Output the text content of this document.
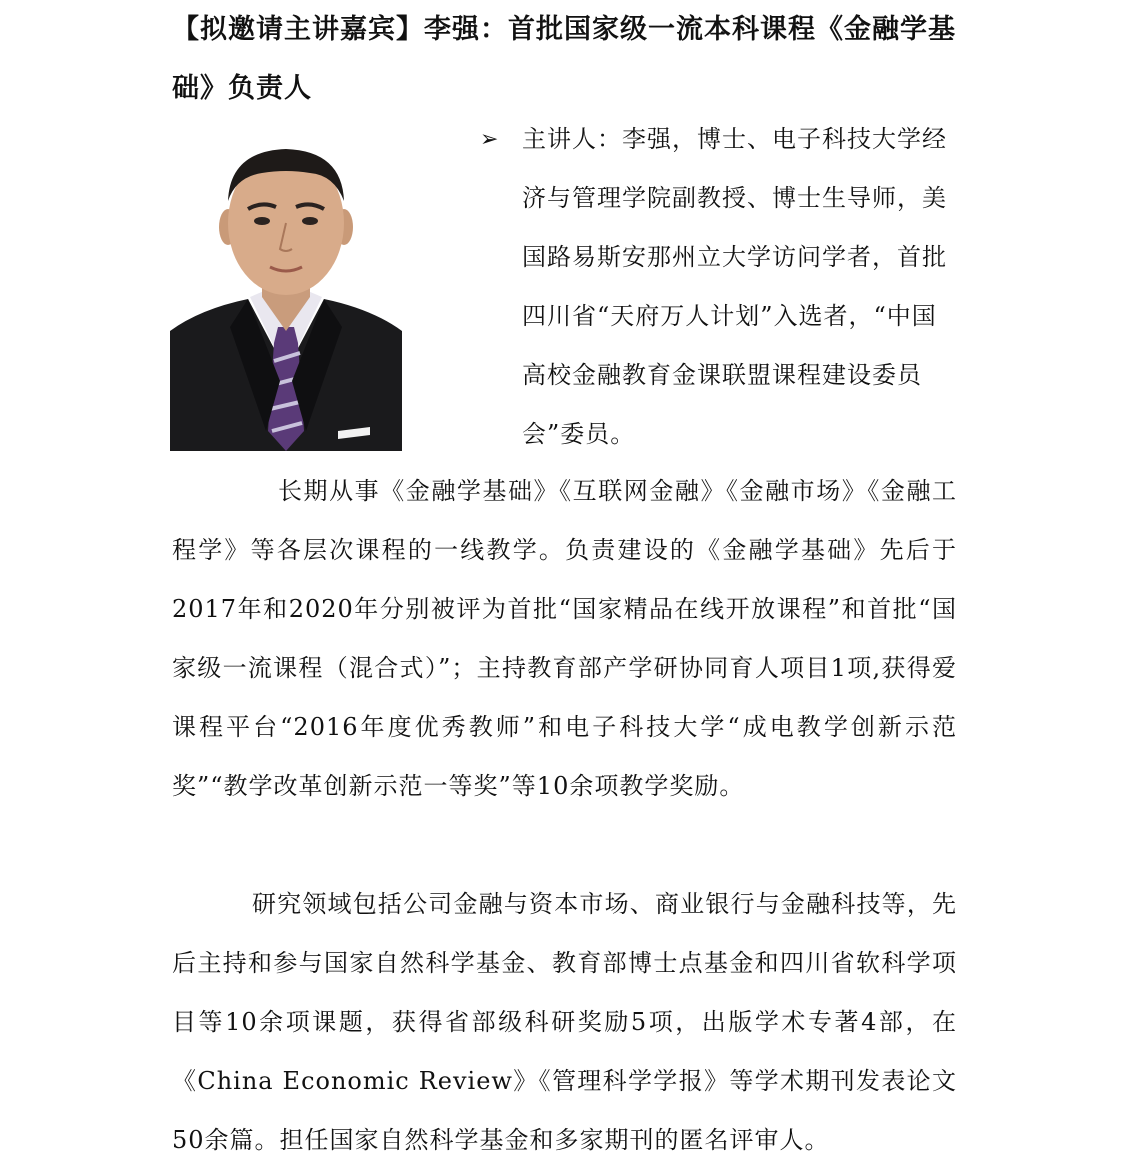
【拟邀请主讲嘉宾】李强：首批国家级一流本科课程《金融学基础》负责人
➢ 主讲人：李强，博士、电子科技大学经济与管理学院副教授、博士生导师，美国路易斯安那州立大学访问学者，首批四川省“天府万人计划”入选者，“中国高校金融教育金课联盟课程建设委员会”委员。

长期从事《金融学基础》《互联网金融》《金融市场》《金融工程学》等各层次课程的一线教学。负责建设的《金融学基础》先后于2017年和2020年分别被评为首批“国家精品在线开放课程”和首批“国家级一流课程（混合式）”；主持教育部产学研协同育人项目1项,获得爱课程平台“2016年度优秀教师”和电子科技大学“成电教学创新示范奖”“教学改革创新示范一等奖”等10余项教学奖励。

研究领域包括公司金融与资本市场、商业银行与金融科技等，先后主持和参与国家自然科学基金、教育部博士点基金和四川省软科学项目等10余项课题，获得省部级科研奖励5项，出版学术专著4部，在《China Economic Review》《管理科学学报》等学术期刊发表论文50余篇。担任国家自然科学基金和多家期刊的匿名评审人。
